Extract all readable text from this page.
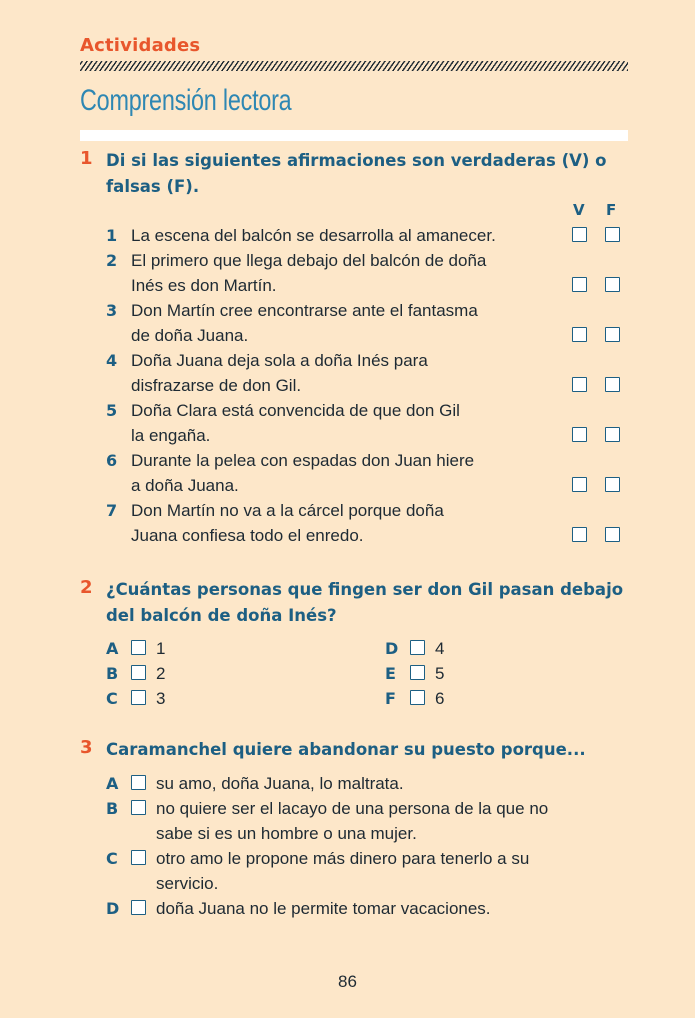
Actividades
Comprensión lectora
1 Di si las siguientes afirmaciones son verdaderas (V) o
falsas (F).
V F
1 La escena del balcón se desarrolla al amanecer.
2 El primero que llega debajo del balcón de doña
Inés es don Martín.
3 Don Martín cree encontrarse ante el fantasma
de doña Juana.
4 Doña Juana deja sola a doña Inés para
disfrazarse de don Gil.
5 Doña Clara está convencida de que don Gil
la engaña.
6 Durante la pelea con espadas don Juan hiere
a doña Juana.
7 Don Martín no va a la cárcel porque doña
Juana confiesa todo el enredo.
2 ¿Cuántas personas que fingen ser don Gil pasan debajo
del balcón de doña Inés?
A 1
B 2
C 3
D 4
E 5
F 6
3 Caramanchel quiere abandonar su puesto porque...
A su amo, doña Juana, lo maltrata.
B no quiere ser el lacayo de una persona de la que no
sabe si es un hombre o una mujer.
C otro amo le propone más dinero para tenerlo a su
servicio.
D doña Juana no le permite tomar vacaciones.
86
